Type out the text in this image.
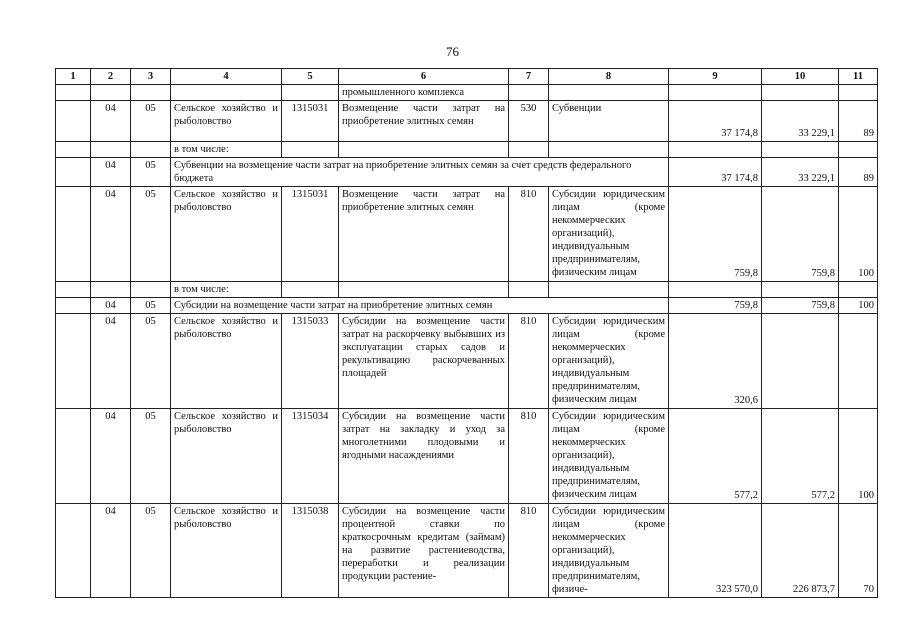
76
1	2	3	4	5	6	7	8	9	10	11
					промышленного комплекса					
	04	05	Сельское хозяйство и рыболовство	1315031	Возмещение части затрат на приобретение элитных семян	530	Субвенции	37 174,8	33 229,1	89
			в том числе:							
	04	05	Субвенции на возмещение части затрат на приобретение элитных семян за счет средств федерального бюджета					37 174,8	33 229,1	89
	04	05	Сельское хозяйство и рыболовство	1315031	Возмещение части затрат на приобретение элитных семян	810	Субсидии юридическим лицам (кроме некоммерческих организаций), индивидуальным предпринимателям, физическим лицам	759,8	759,8	100
			в том числе:							
	04	05	Субсидии на возмещение части затрат на приобретение элитных семян					759,8	759,8	100
	04	05	Сельское хозяйство и рыболовство	1315033	Субсидии на возмещение части затрат на раскорчевку выбывших из эксплуатации старых садов и рекультивацию раскорчеванных площадей	810	Субсидии юридическим лицам (кроме некоммерческих организаций), индивидуальным предпринимателям, физическим лицам	320,6		
	04	05	Сельское хозяйство и рыболовство	1315034	Субсидии на возмещение части затрат на закладку и уход за многолетними плодовыми и ягодными насаждениями	810	Субсидии юридическим лицам (кроме некоммерческих организаций), индивидуальным предпринимателям, физическим лицам	577,2	577,2	100
	04	05	Сельское хозяйство и рыболовство	1315038	Субсидии на возмещение части процентной ставки по краткосрочным кредитам (займам) на развитие растениеводства, переработки и реализации продукции растение-	810	Субсидии юридическим лицам (кроме некоммерческих организаций), индивидуальным предпринимателям, физиче-	323 570,0	226 873,7	70
